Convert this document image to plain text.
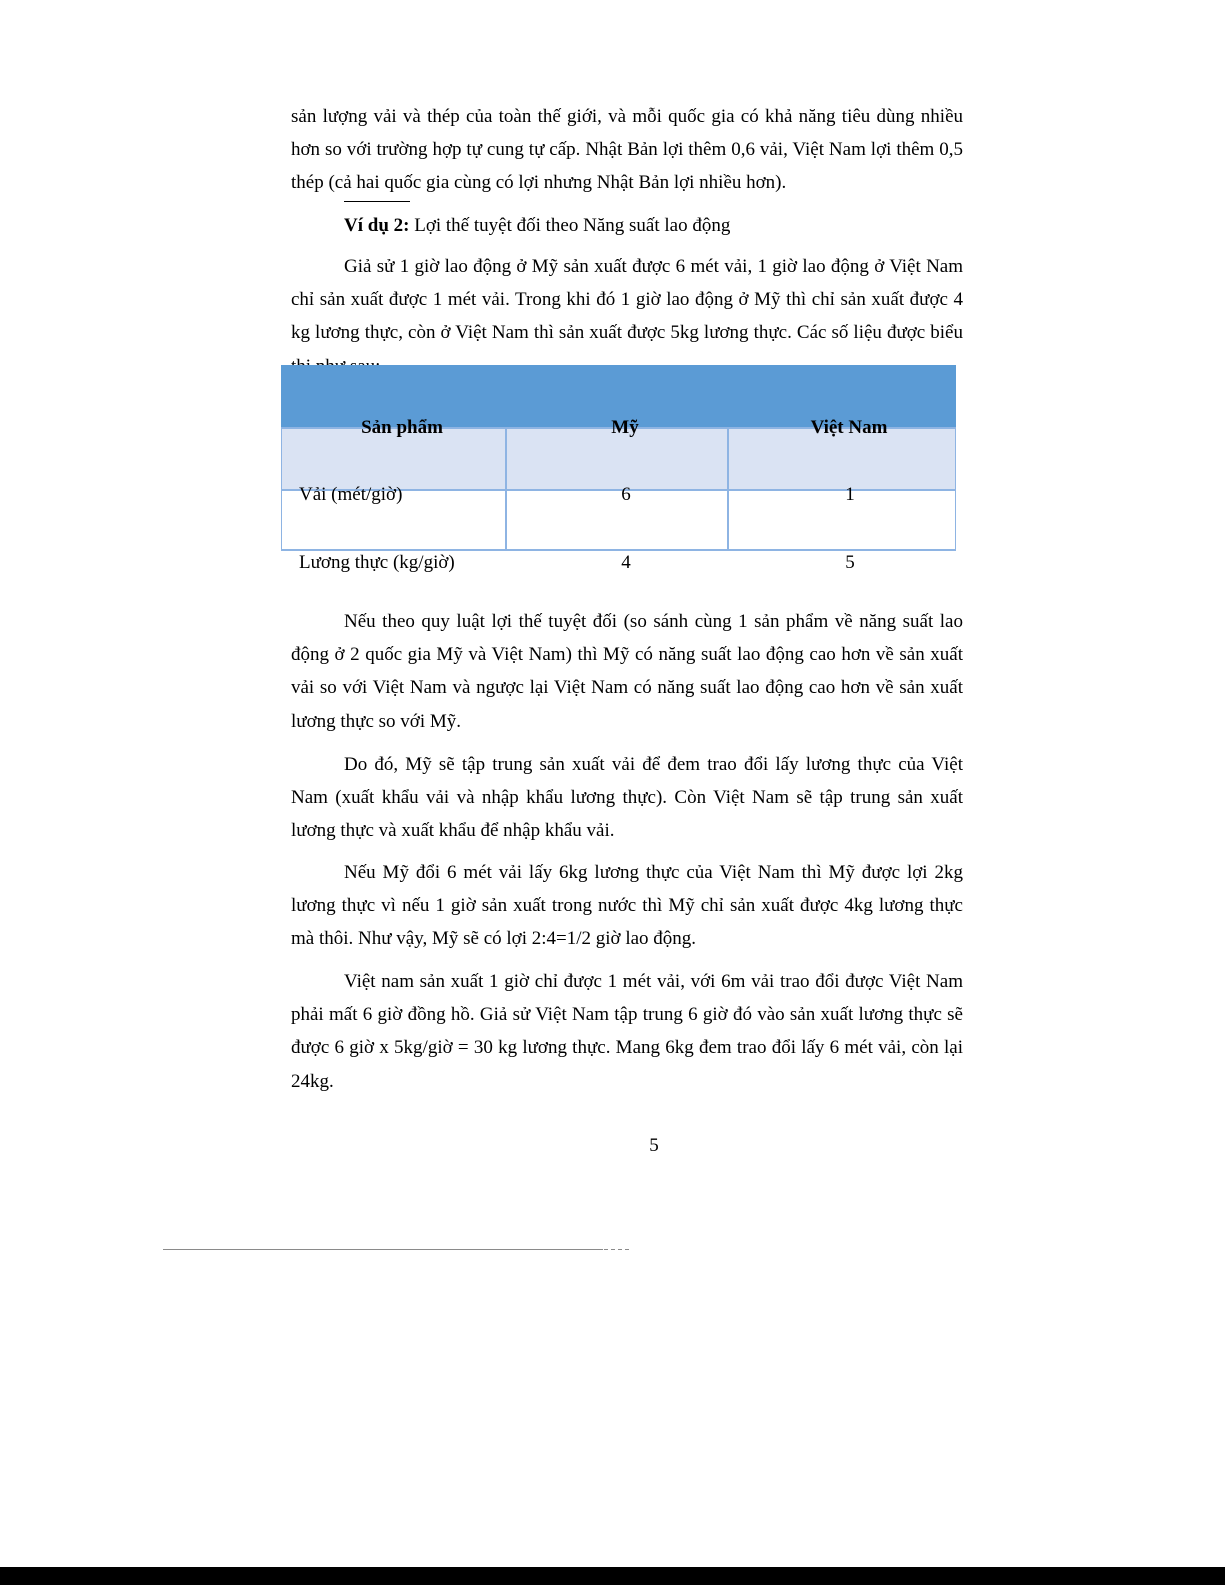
sản lượng vải và thép của toàn thế giới, và mỗi quốc gia có khả năng tiêu dùng nhiều hơn so với trường hợp tự cung tự cấp. Nhật Bản lợi thêm 0,6 vải, Việt Nam lợi thêm 0,5 thép (cả hai quốc gia cùng có lợi nhưng Nhật Bản lợi nhiều hơn).

Ví dụ 2: Lợi thế tuyệt đối theo Năng suất lao động

Giả sử 1 giờ lao động ở Mỹ sản xuất được 6 mét vải, 1 giờ lao động ở Việt Nam chỉ sản xuất được 1 mét vải. Trong khi đó 1 giờ lao động ở Mỹ thì chỉ sản xuất được 4 kg lương thực, còn ở Việt Nam thì sản xuất được 5kg lương thực. Các số liệu được biểu

Sản phẩm	Mỹ	Việt Nam
Vải (mét/giờ)	6	1
Lương thực (kg/giờ)	4	5

Nếu theo quy luật lợi thế tuyệt đối (so sánh cùng 1 sản phẩm về năng suất lao động ở 2 quốc gia Mỹ và Việt Nam) thì Mỹ có năng suất lao động cao hơn về sản xuất vải so với Việt Nam và ngược lại Việt Nam có năng suất lao động cao hơn về sản xuất lương thực so với Mỹ.

Do đó, Mỹ sẽ tập trung sản xuất vải để đem trao đổi lấy lương thực của Việt Nam (xuất khẩu vải và nhập khẩu lương thực). Còn Việt Nam sẽ tập trung sản xuất lương thực và xuất khẩu để nhập khẩu vải.

Nếu Mỹ đổi 6 mét vải lấy 6kg lương thực của Việt Nam thì Mỹ được lợi 2kg lương thực vì nếu 1 giờ sản xuất trong nước thì Mỹ chỉ sản xuất được 4kg lương thực mà thôi. Như vậy, Mỹ sẽ có lợi 2:4=1/2 giờ lao động.

Việt nam sản xuất 1 giờ chỉ được 1 mét vải, với 6m vải trao đổi được Việt Nam phải mất 6 giờ đồng hồ. Giả sử Việt Nam tập trung 6 giờ đó vào sản xuất lương thực sẽ được 6 giờ x 5kg/giờ = 30 kg lương thực. Mang 6kg đem trao đổi lấy 6 mét vải, còn lại 24kg.

5
